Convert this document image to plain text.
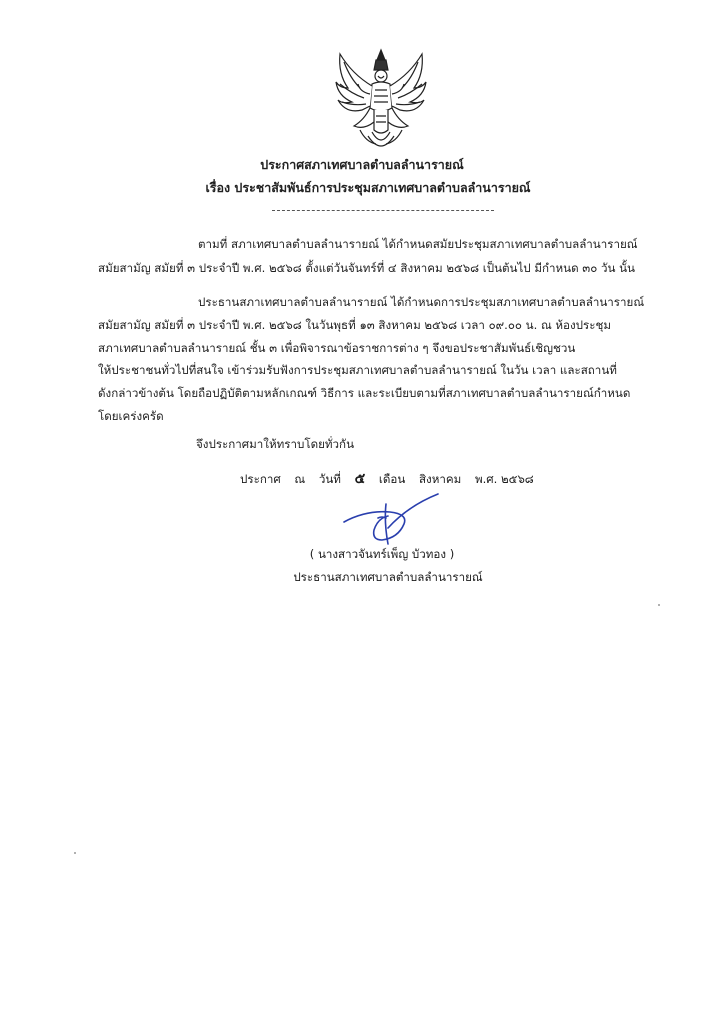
ประกาศสภาเทศบาลตำบลลำนารายณ์
เรื่อง ประชาสัมพันธ์การประชุมสภาเทศบาลตำบลลำนารายณ์
ตามที่ สภาเทศบาลตำบลลำนารายณ์ ได้กำหนดสมัยประชุมสภาเทศบาลตำบลลำนารายณ์
สมัยสามัญ สมัยที่ ๓ ประจำปี พ.ศ. ๒๕๖๘ ตั้งแต่วันจันทร์ที่ ๔ สิงหาคม ๒๕๖๘ เป็นต้นไป มีกำหนด ๓๐ วัน นั้น
ประธานสภาเทศบาลตำบลลำนารายณ์ ได้กำหนดการประชุมสภาเทศบาลตำบลลำนารายณ์
สมัยสามัญ สมัยที่ ๓ ประจำปี พ.ศ. ๒๕๖๘ ในวันพุธที่ ๑๓ สิงหาคม ๒๕๖๘ เวลา ๐๙.๐๐ น. ณ ห้องประชุม
สภาเทศบาลตำบลลำนารายณ์ ชั้น ๓ เพื่อพิจารณาข้อราชการต่าง ๆ จึงขอประชาสัมพันธ์เชิญชวน
ให้ประชาชนทั่วไปที่สนใจ เข้าร่วมรับฟังการประชุมสภาเทศบาลตำบลลำนารายณ์ ในวัน เวลา และสถานที่
ดังกล่าวข้างต้น โดยถือปฏิบัติตามหลักเกณฑ์ วิธีการ และระเบียบตามที่สภาเทศบาลตำบลลำนารายณ์กำหนด
โดยเคร่งครัด
จึงประกาศมาให้ทราบโดยทั่วกัน
ประกาศ ณ วันที่ ๕ เดือน สิงหาคม พ.ศ. ๒๕๖๘
( นางสาวจันทร์เพ็ญ บัวทอง )
ประธานสภาเทศบาลตำบลลำนารายณ์
